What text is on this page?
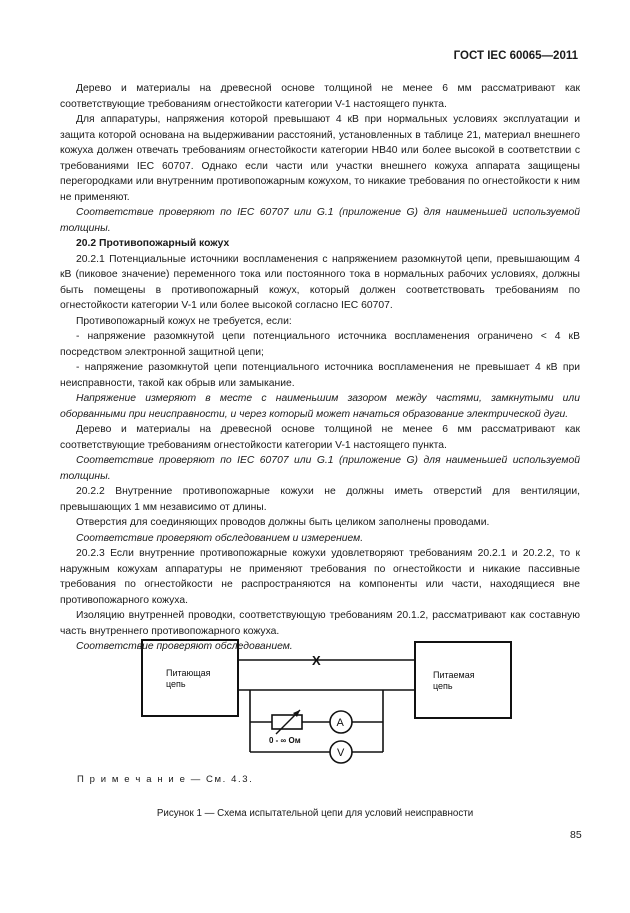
ГОСТ IEC 60065—2011

Дерево и материалы на древесной основе толщиной не менее 6 мм рассматривают как соответствующие требованиям огнестойкости категории V-1 настоящего пункта.

Для аппаратуры, напряжения которой превышают 4 кВ при нормальных условиях эксплуатации и защита которой основана на выдерживании расстояний, установленных в таблице 21, материал внешнего кожуха должен отвечать требованиям огнестойкости категории НВ40 или более высокой в соответствии с требованиями IEC 60707. Однако если части или участки внешнего кожуха аппарата защищены перегородками или внутренним противопожарным кожухом, то никакие требования по огнестойкости к ним не применяют.

Соответствие проверяют по IEC 60707 или G.1 (приложение G) для наименьшей используемой толщины.

20.2 Противопожарный кожух

20.2.1 Потенциальные источники воспламенения с напряжением разомкнутой цепи, превышающим 4 кВ (пиковое значение) переменного тока или постоянного тока в нормальных рабочих условиях, должны быть помещены в противопожарный кожух, который должен соответствовать требованиям по огнестойкости категории V-1 или более высокой согласно IEC 60707.

Противопожарный кожух не требуется, если:

- напряжение разомкнутой цепи потенциального источника воспламенения ограничено < 4 кВ посредством электронной защитной цепи;

- напряжение разомкнутой цепи потенциального источника воспламенения не превышает 4 кВ при неисправности, такой как обрыв или замыкание.

Напряжение измеряют в месте с наименьшим зазором между частями, замкнутыми или оборванными при неисправности, и через который может начаться образование электрической дуги.

Дерево и материалы на древесной основе толщиной не менее 6 мм рассматривают как соответствующие требованиям огнестойкости категории V-1 настоящего пункта.

Соответствие проверяют по IEC 60707 или G.1 (приложение G) для наименьшей используемой толщины.

20.2.2 Внутренние противопожарные кожухи не должны иметь отверстий для вентиляции, превышающих 1 мм независимо от длины.

Отверстия для соединяющих проводов должны быть целиком заполнены проводами.

Соответствие проверяют обследованием и измерением.

20.2.3 Если внутренние противопожарные кожухи удовлетворяют требованиям 20.2.1 и 20.2.2, то к наружным кожухам аппаратуры не применяют требования по огнестойкости и никакие пассивные требования по огнестойкости не распространяются на компоненты или части, находящиеся вне противопожарного кожуха.

Изоляцию внутренней проводки, соответствующую требованиям 20.1.2, рассматривают как составную часть внутреннего противопожарного кожуха.

Соответствие проверяют обследованием.

Питающая
цепь
Питаемая
цепь
X
A
0 - ∞ Ом
V
П р и м е ч а н и е — См. 4.3.
Рисунок 1 — Схема испытательной цепи для условий неисправности
85
